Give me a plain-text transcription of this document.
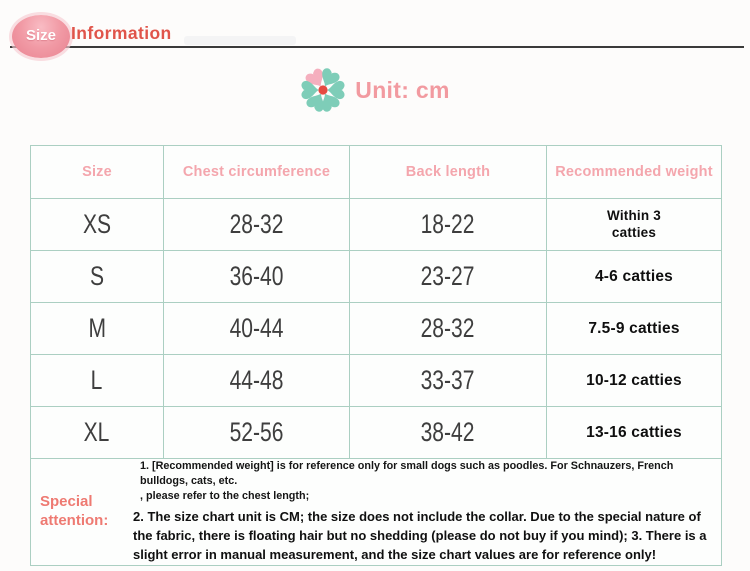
Size Information
Unit: cm
Size	Chest circumference	Back length	Recommended weight
XS	28-32	18-22	Within 3
catties

S	36-40	23-27	4-6 catties

M	40-44	28-32	7.5-9 catties

L	44-48	33-37	10-12 catties

XL	52-56	38-42	13-16 catties

Special attention:
1. [Recommended weight] is for reference only for small dogs such as poodles. For Schnauzers, French bulldogs, cats, etc.
, please refer to the chest length;
2. The size chart unit is CM; the size does not include the collar. Due to the special nature of the fabric, there is floating hair but no shedding (please do not buy if you mind); 3. There is a slight error in manual measurement, and the size chart values are for reference only!			
